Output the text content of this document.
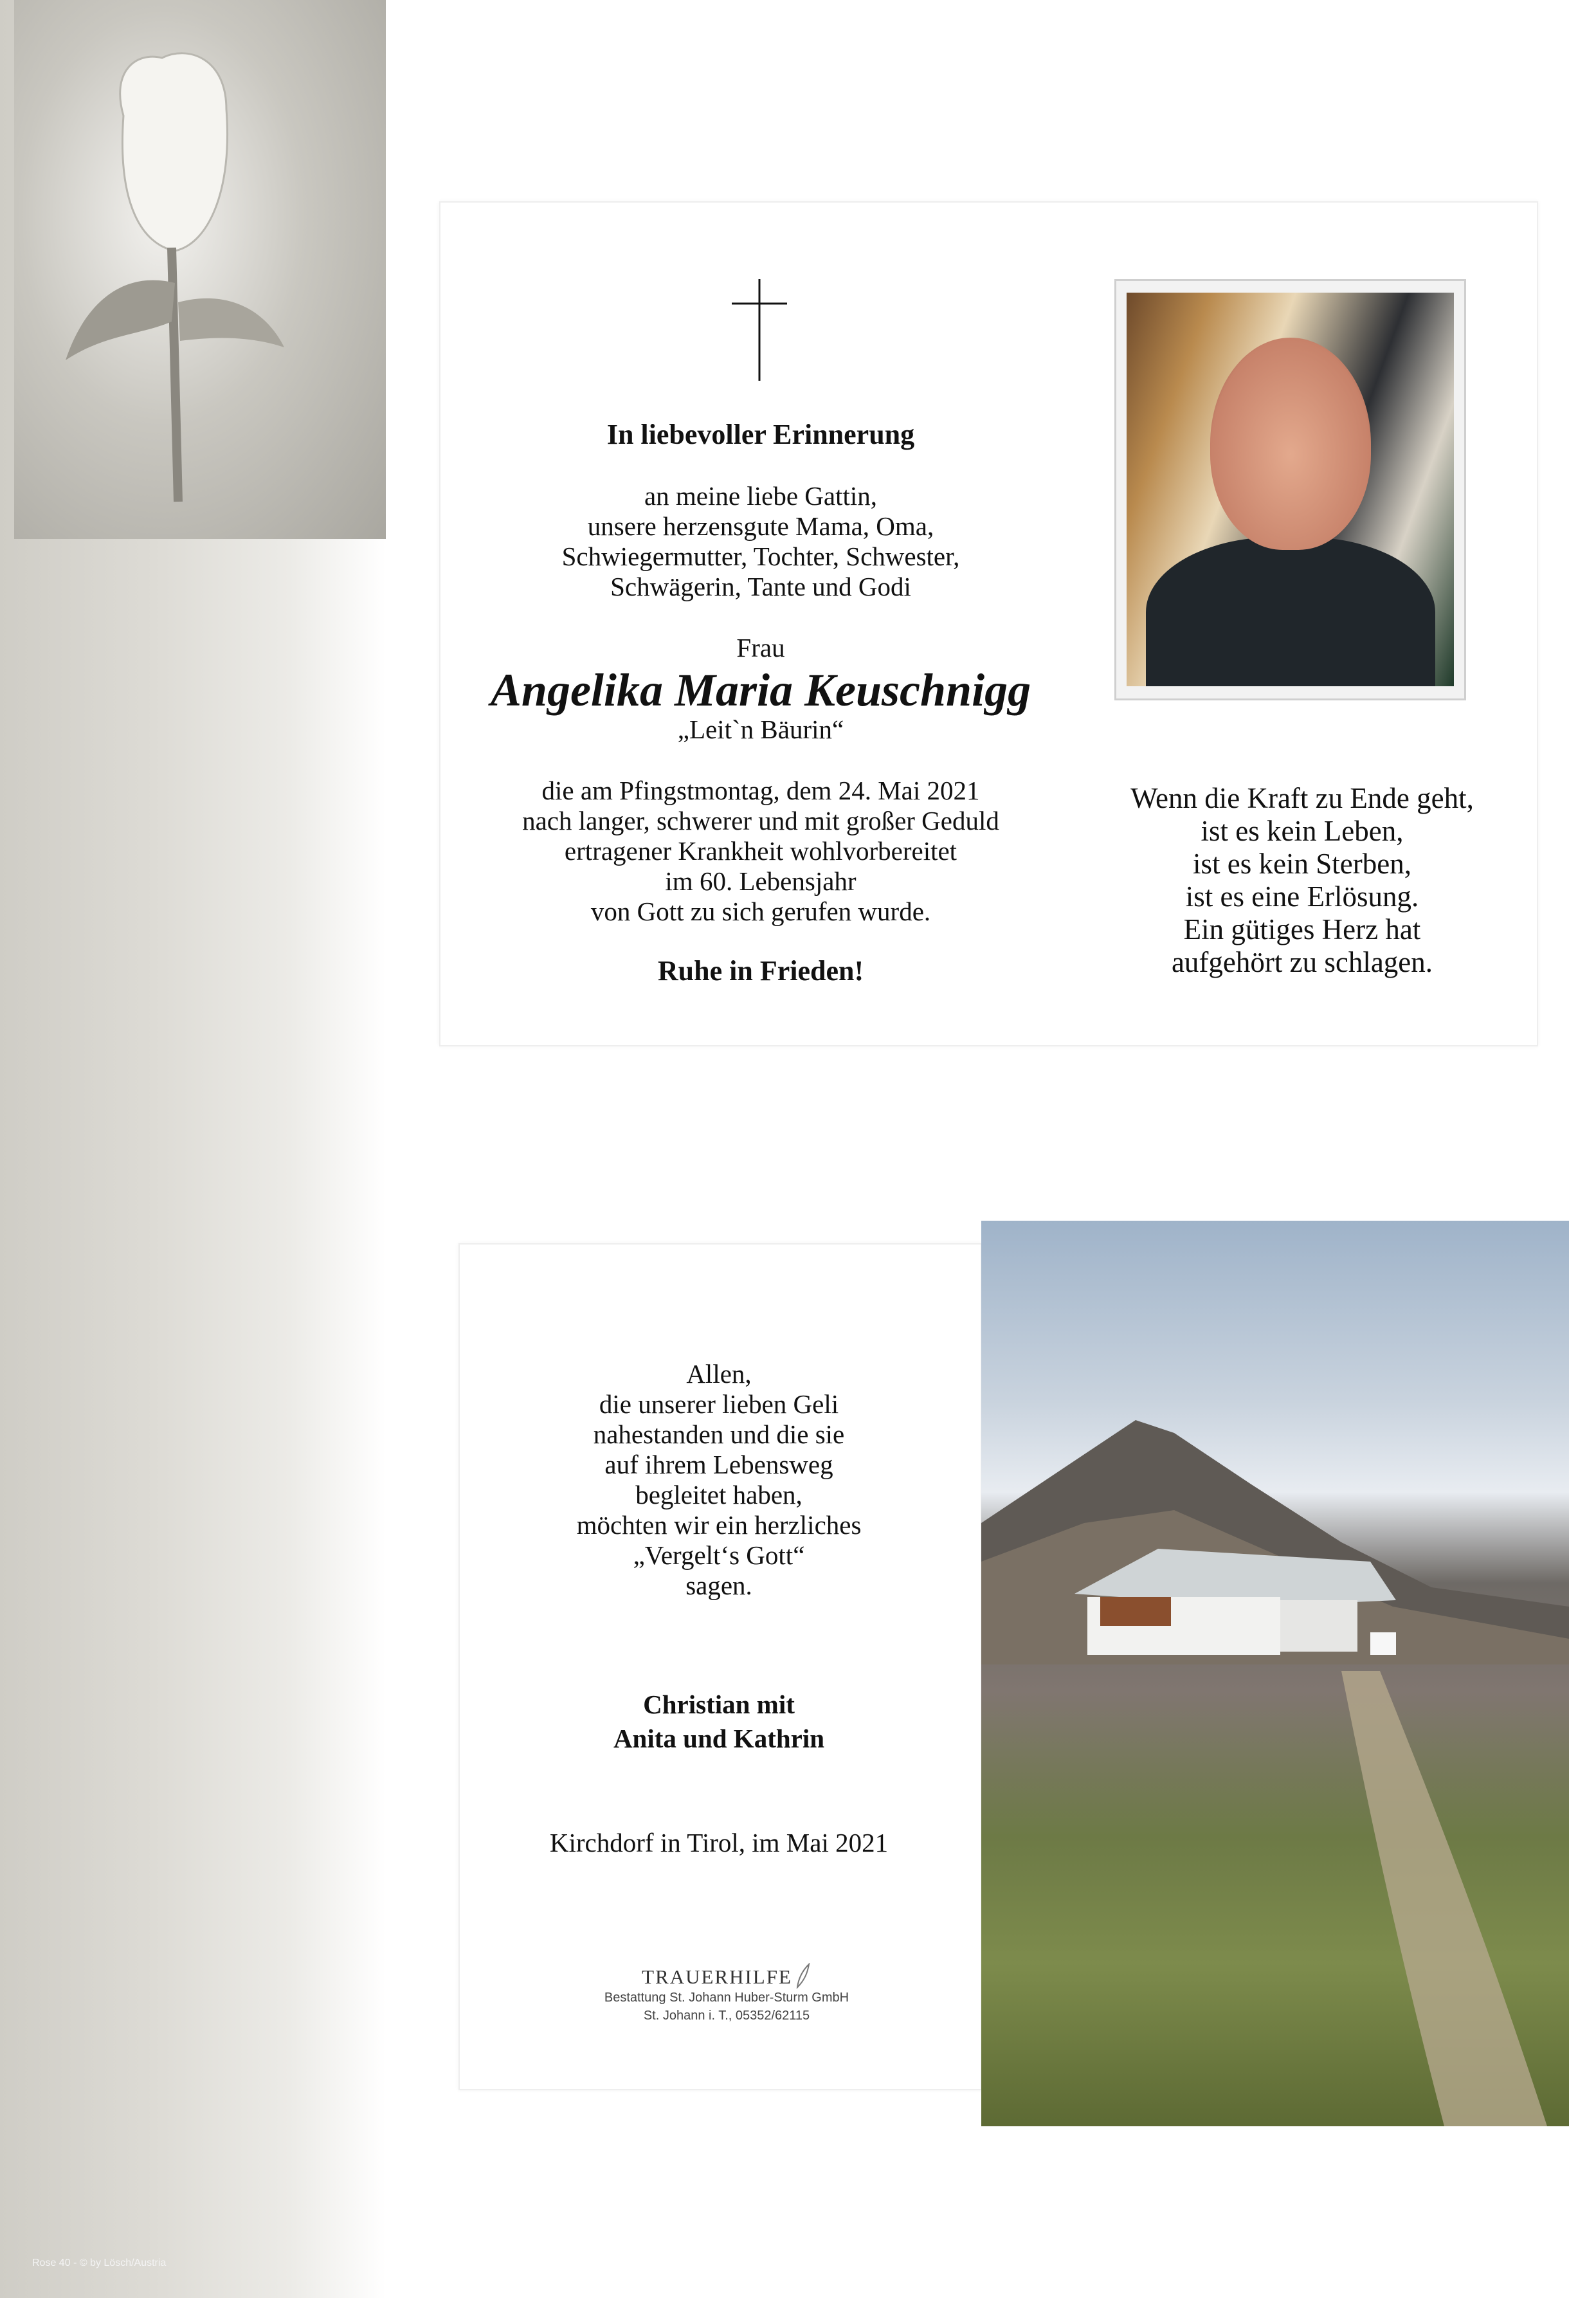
Rose 40 - © by Lösch/Austria
In liebevoller Erinnerung
an meine liebe Gattin,
unsere herzensgute Mama, Oma,
Schwiegermutter, Tochter, Schwester,
Schwägerin, Tante und Godi
Frau
Angelika Maria Keuschnigg
„Leit`n Bäurin“
die am Pfingstmontag, dem 24. Mai 2021
nach langer, schwerer und mit großer Geduld
ertragener Krankheit wohlvorbereitet
im 60. Lebensjahr
von Gott zu sich gerufen wurde.
Ruhe in Frieden!
Wenn die Kraft zu Ende geht,
ist es kein Leben,
ist es kein Sterben,
ist es eine Erlösung.
Ein gütiges Herz hat
aufgehört zu schlagen.
Allen,
die unserer lieben Geli
nahestanden und die sie
auf ihrem Lebensweg
begleitet haben,
möchten wir ein herzliches
„Vergelt‘s Gott“
sagen.
Christian mit
Anita und Kathrin
Kirchdorf in Tirol, im Mai 2021
TRAUERHILFE
Bestattung St. Johann Huber-Sturm GmbH
St. Johann i. T., 05352/62115
